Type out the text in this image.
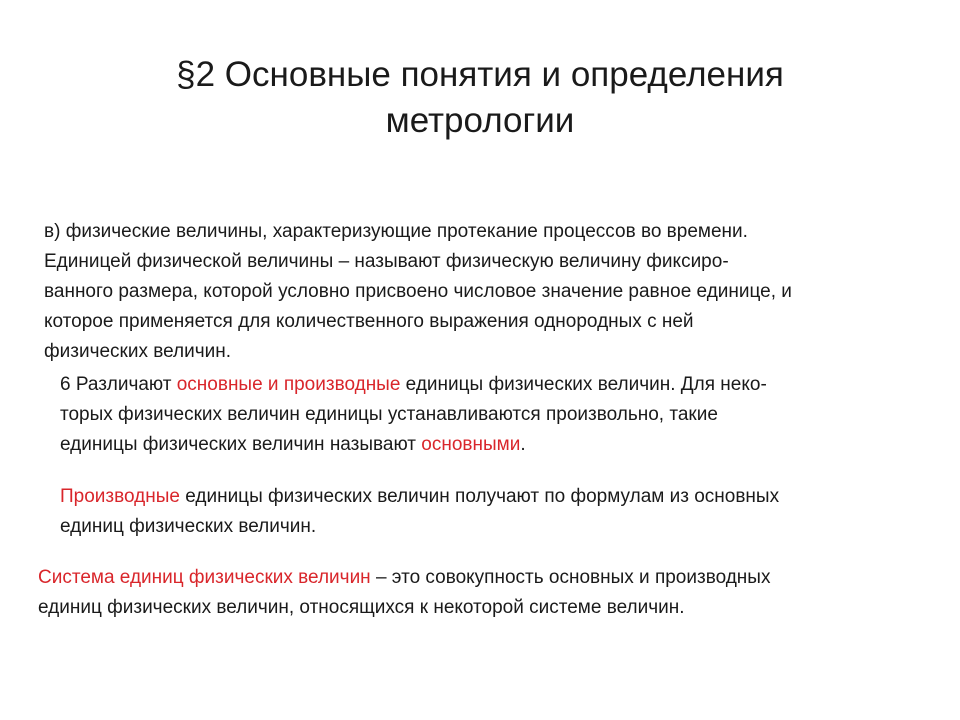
§2 Основные понятия и определения
метрологии

в) физические величины, характеризующие протекание процессов во времени.
Единицей физической величины – называют физическую величину фиксиро-
ванного размера, которой условно присвоено числовое значение равное единице, и
которое применяется для количественного выражения однородных с ней
физических величин.

6 Различают основные и производные единицы физических величин. Для неко-
торых физических величин единицы устанавливаются произвольно, такие
единицы физических величин называют основными.

Производные единицы физических величин получают по формулам из основных
единиц физических величин.

Система единиц физических величин – это совокупность основных и производных
единиц физических величин, относящихся к некоторой системе величин.
